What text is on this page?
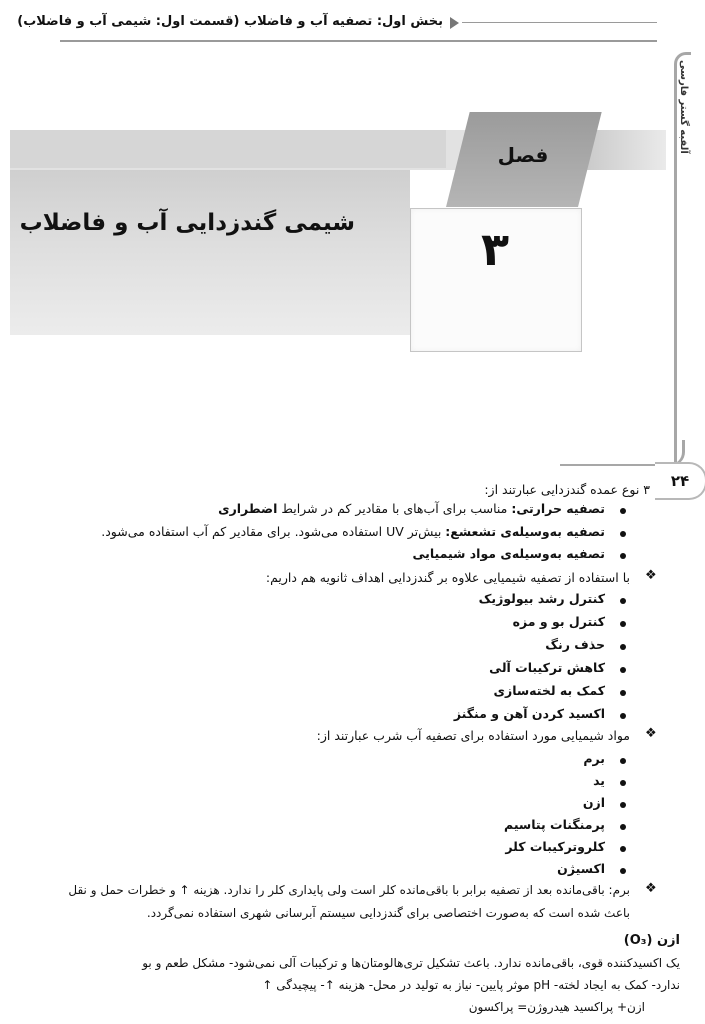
بخش اول: تصفیه آب و فاضلاب (قسمت اول: شیمی آب و فاضلاب)
آلفبه گستر فارسی
۲۴
فصل
۳
شیمی گندزدایی آب و فاضلاب
۳ نوع عمده گندزدایی عبارتند از:
تصفیه حرارتی: مناسب برای آب‌های با مقادیر کم در شرایط اضطراری
تصفیه به‌وسیله‌ی تشعشع: بیش‌تر UV استفاده می‌شود. برای مقادیر کم آب استفاده می‌شود.
تصفیه به‌وسیله‌ی مواد شیمیایی
❖
با استفاده از تصفیه شیمیایی علاوه بر گندزدایی اهداف ثانویه هم داریم:
کنترل رشد بیولوژیک
کنترل بو و مزه
حذف رنگ
کاهش ترکیبات آلی
کمک به لخته‌سازی
اکسید کردن آهن و منگنز
❖
مواد شیمیایی مورد استفاده برای تصفیه آب شرب عبارتند از:
برم
ید
ازن
پرمنگنات پتاسیم
کلروترکیبات کلر
اکسیژن
❖
برم: باقی‌مانده بعد از تصفیه برابر با باقی‌مانده کلر است ولی پایداری کلر را ندارد. هزینه ↑ و خطرات حمل و نقل
باعث شده است که به‌صورت اختصاصی برای گندزدایی سیستم آبرسانی شهری استفاده نمی‌گردد.
ازن (O₃)
یک اکسیدکننده قوی، باقی‌مانده ندارد. باعث تشکیل تری‌هالومتان‌ها و ترکیبات آلی نمی‌شود- مشکل طعم و بو
ندارد- کمک به ایجاد لخته- pH موثر پایین- نیاز به تولید در محل- هزینه ↑- پیچیدگی ↑
ازن+ پراکسید هیدروژن= پراکسون
